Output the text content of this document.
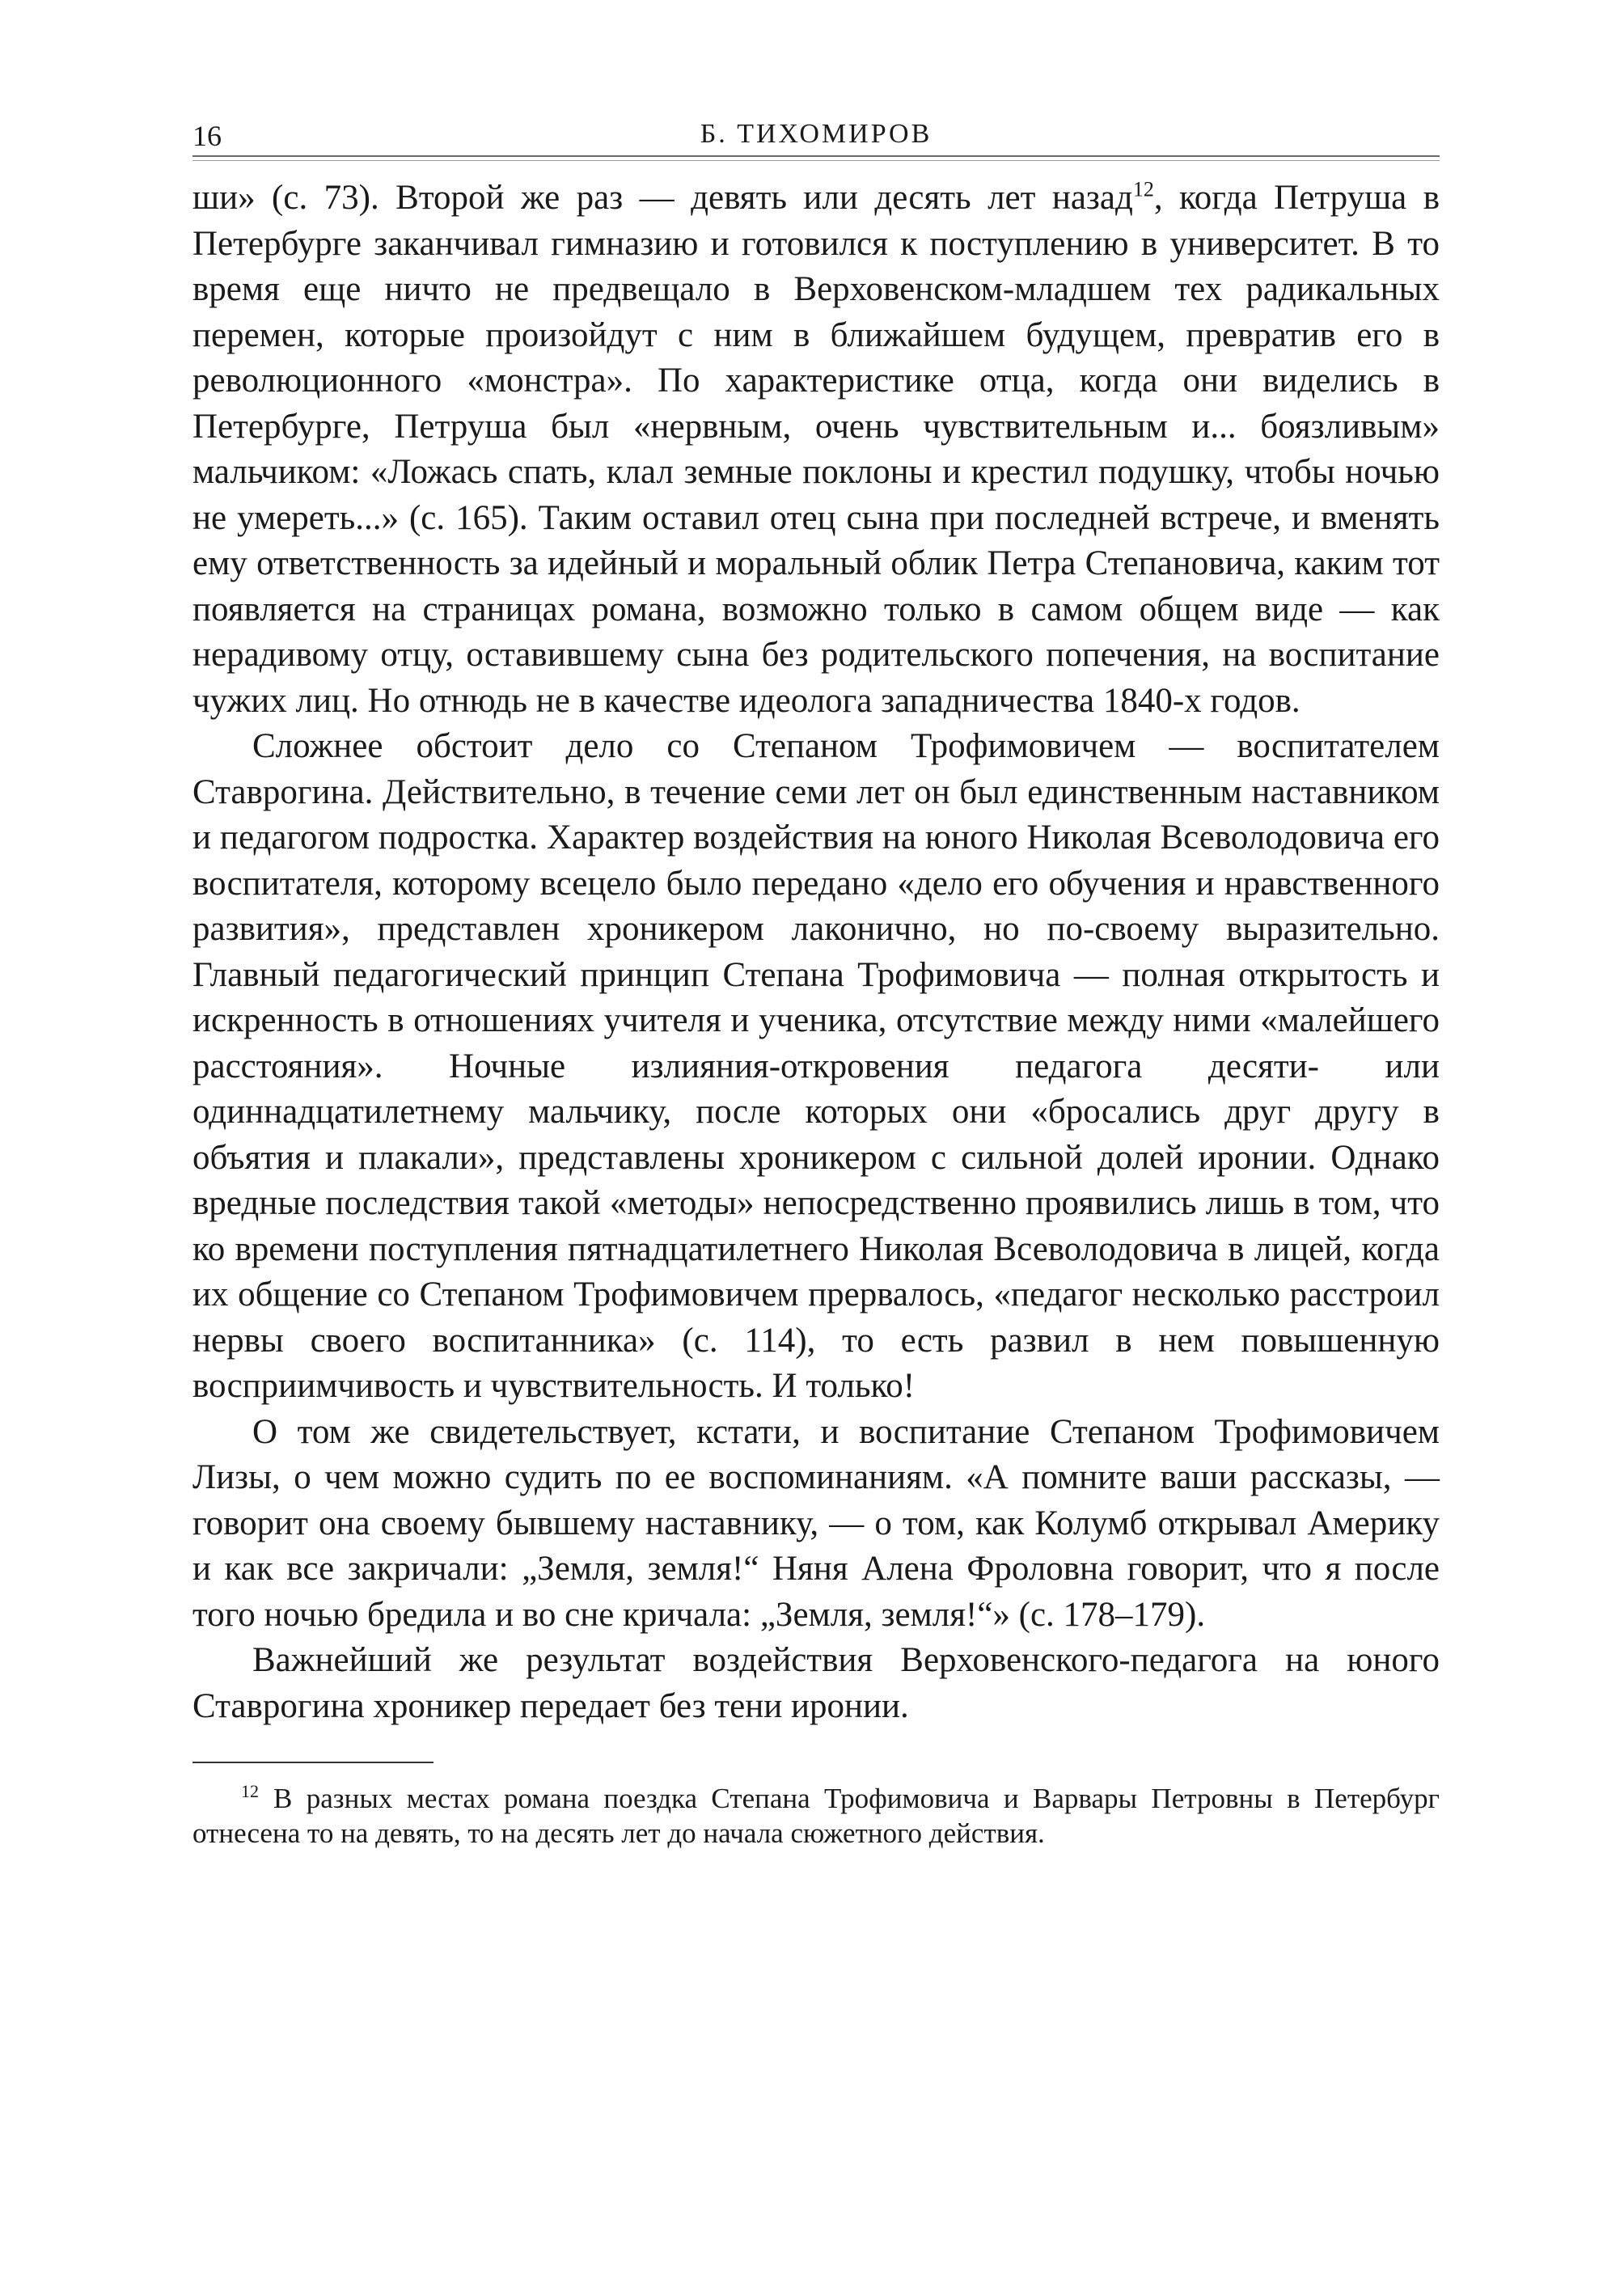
16	Б. ТИХОМИРОВ

ши» (с. 73). Второй же раз — девять или десять лет назад$^{12}$, когда Петруша в Петербурге заканчивал гимназию и готовился к поступлению в университет. В то время еще ничто не предвещало в Верховенском-младшем тех радикальных перемен, которые произойдут с ним в ближайшем будущем, превратив его в революционного «монстра». По характеристике отца, когда они виделись в Петербурге, Петруша был «нервным, очень чувствительным и... боязливым» мальчиком: «Ложась спать, клал земные поклоны и крестил подушку, чтобы ночью не умереть...» (с. 165). Таким оставил отец сына при последней встрече, и вменять ему ответственность за идейный и моральный облик Петра Степановича, каким тот появляется на страницах романа, возможно только в самом общем виде — как нерадивому отцу, оставившему сына без родительского попечения, на воспитание чужих лиц. Но отнюдь не в качестве идеолога западничества 1840-х годов.

Сложнее обстоит дело со Степаном Трофимовичем — воспитателем Ставрогина. Действительно, в течение семи лет он был единственным наставником и педагогом подростка. Характер воздействия на юного Николая Всеволодовича его воспитателя, которому всецело было передано «дело его обучения и нравственного развития», представлен хроникером лаконично, но по-своему выразительно. Главный педагогический принцип Степана Трофимовича — полная открытость и искренность в отношениях учителя и ученика, отсутствие между ними «малейшего расстояния». Ночные излияния-откровения педагога десяти- или одиннадцатилетнему мальчику, после которых они «бросались друг другу в объятия и плакали», представлены хроникером с сильной долей иронии. Однако вредные последствия такой «методы» непосредственно проявились лишь в том, что ко времени поступления пятнадцатилетнего Николая Всеволодовича в лицей, когда их общение со Степаном Трофимовичем прервалось, «педагог несколько расстроил нервы своего воспитанника» (с. 114), то есть развил в нем повышенную восприимчивость и чувствительность. И только!

О том же свидетельствует, кстати, и воспитание Степаном Трофимовичем Лизы, о чем можно судить по ее воспоминаниям. «А помните ваши рассказы, — говорит она своему бывшему наставнику, — о том, как Колумб открывал Америку и как все закричали: „Земля, земля!“ Няня Алена Фроловна говорит, что я после того ночью бредила и во сне кричала: „Земля, земля!“» (с. 178–179).

Важнейший же результат воздействия Верховенского-педагога на юного Ставрогина хроникер передает без тени иронии.

$^{12}$ В разных местах романа поездка Степана Трофимовича и Варвары Петровны в Петербург отнесена то на девять, то на десять лет до начала сюжетного действия.
